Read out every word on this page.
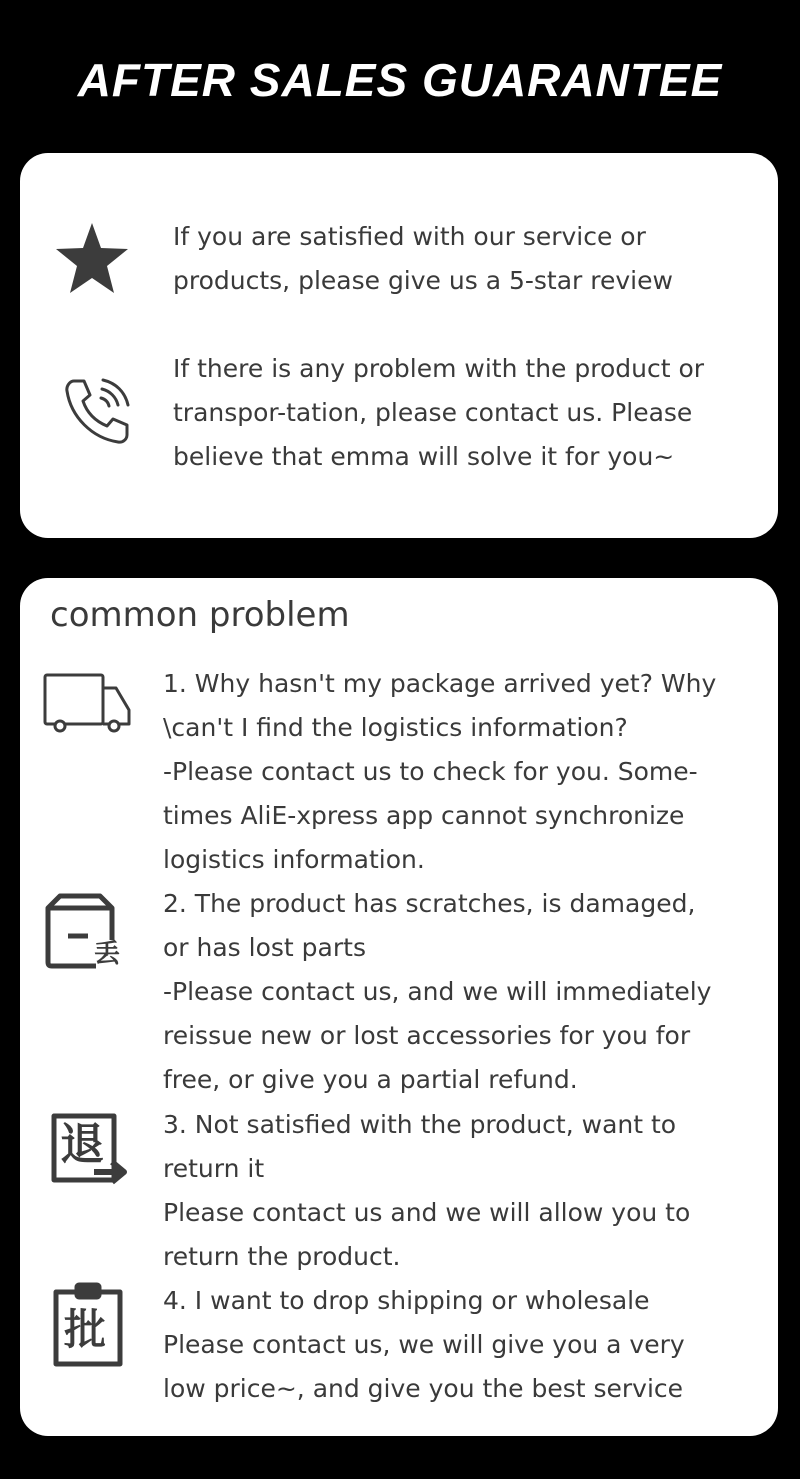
AFTER SALES GUARANTEE
If you are satisfied with our service or
products, please give us a 5-star review
If there is any problem with the product or
transpor-tation, please contact us. Please
believe that emma will solve it for you~
common problem
1. Why hasn't my package arrived yet? Why
\can't I find the logistics information?
-Please contact us to check for you. Some-
times AliE-xpress app cannot synchronize
logistics information.
丢
2. The product has scratches, is damaged,
or has lost parts
-Please contact us, and we will immediately
reissue new or lost accessories for you for
free, or give you a partial refund.
退 3. Not satisfied with the product, want to
return it
Please contact us and we will allow you to
return the product.
批
4. I want to drop shipping or wholesale
Please contact us, we will give you a very
low price~, and give you the best service
